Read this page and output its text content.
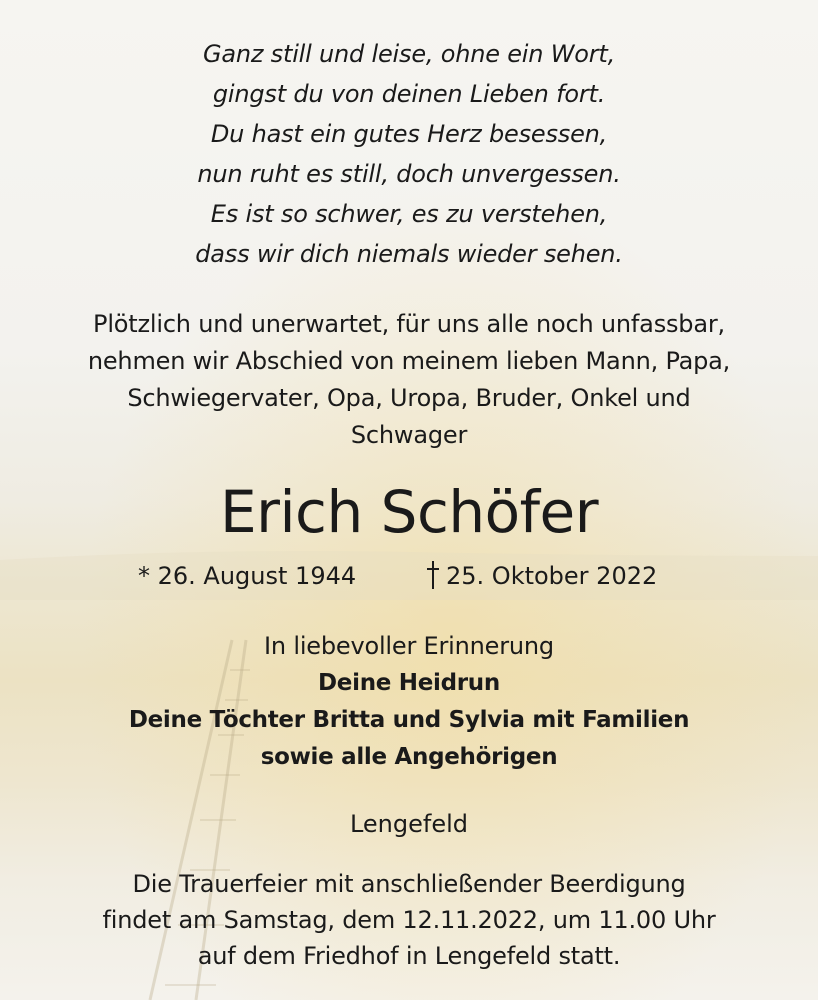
Ganz still und leise, ohne ein Wort,
gingst du von deinen Lieben fort.
Du hast ein gutes Herz besessen,
nun ruht es still, doch unvergessen.
Es ist so schwer, es zu verstehen,
dass wir dich niemals wieder sehen.
Plötzlich und unerwartet, für uns alle noch unfassbar,
nehmen wir Abschied von meinem lieben Mann, Papa,
Schwiegervater, Opa, Uropa, Bruder, Onkel und
Schwager
Erich Schöfer
* 26. August 1944	25. Oktober 2022
In liebevoller Erinnerung
Deine Heidrun
Deine Töchter Britta und Sylvia mit Familien
sowie alle Angehörigen
Lengefeld
Die Trauerfeier mit anschließender Beerdigung
findet am Samstag, dem 12.11.2022, um 11.00 Uhr
auf dem Friedhof in Lengefeld statt.
